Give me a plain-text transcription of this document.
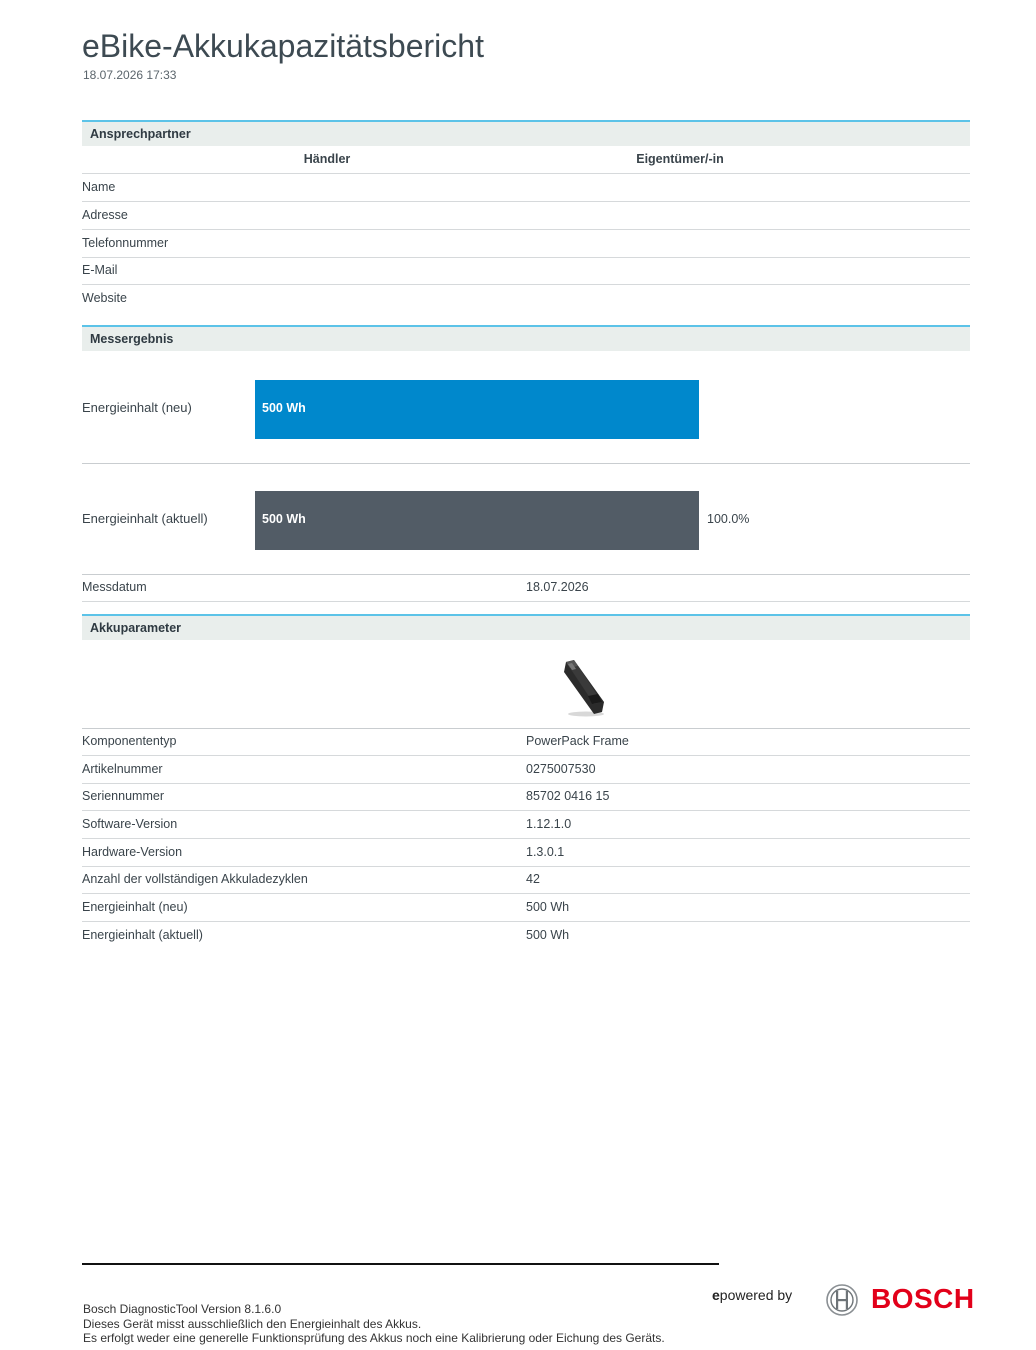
eBike-Akkukapazitätsbericht
18.07.2026 17:33
Ansprechpartner
Händler	Eigentümer/-in
Name
Adresse
Telefonnummer
E-Mail
Website
Messergebnis
Energieinhalt (neu)	500 Wh
Energieinhalt (aktuell)	500 Wh	100.0%
Messdatum	18.07.2026
Akkuparameter
Komponententyp	PowerPack Frame
Artikelnummer	0275007530
Seriennummer	85702 0416 15
Software-Version	1.12.1.0
Hardware-Version	1.3.0.1
Anzahl der vollständigen Akkuladezyklen	42
Energieinhalt (neu)	500 Wh
Energieinhalt (aktuell)	500 Wh
epowered by	BOSCH
Bosch DiagnosticTool Version 8.1.6.0
Dieses Gerät misst ausschließlich den Energieinhalt des Akkus.
Es erfolgt weder eine generelle Funktionsprüfung des Akkus noch eine Kalibrierung oder Eichung des Geräts.
